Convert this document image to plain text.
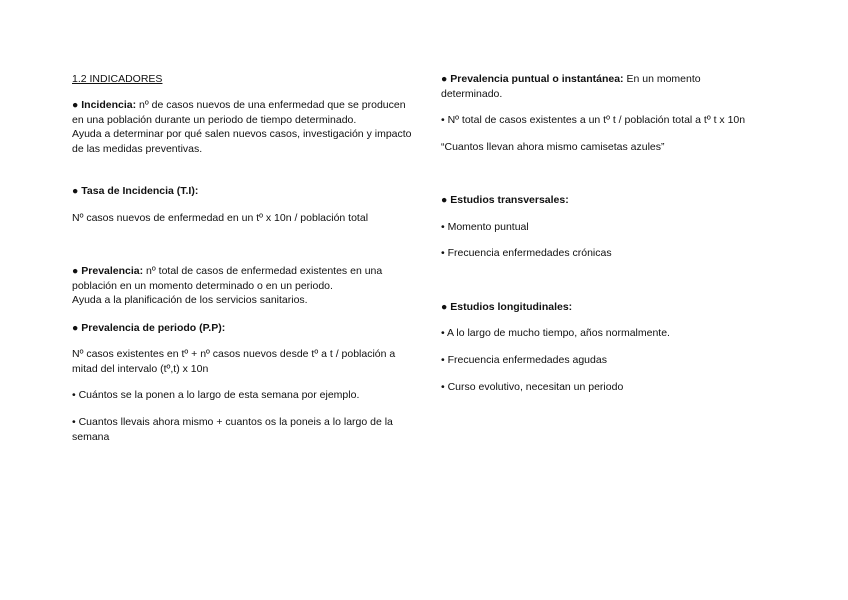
1.2 INDICADORES

● Incidencia: nº de casos nuevos de una enfermedad que se producen en una población durante un periodo de tiempo determinado.

Ayuda a determinar por qué salen nuevos casos, investigación y impacto de las medidas preventivas.

● Tasa de Incidencia (T.I):

Nº casos nuevos de enfermedad en un tº x 10n / población total

● Prevalencia: nº total de casos de enfermedad existentes en una población en un momento determinado o en un periodo.

Ayuda a la planificación de los servicios sanitarios.

● Prevalencia de periodo (P.P):

Nº casos existentes en tº + nº casos nuevos desde tº a t / población a mitad del intervalo (tº,t) x 10n

• Cuántos se la ponen a lo largo de esta semana por ejemplo.

• Cuantos llevais ahora mismo + cuantos os la poneis a lo largo de la semana

● Prevalencia puntual o instantánea: En un momento determinado.

• Nº total de casos existentes a un tº t / población total a tº t x 10n

“Cuantos llevan ahora mismo camisetas azules”

● Estudios transversales:

• Momento puntual

• Frecuencia enfermedades crónicas

● Estudios longitudinales:

• A lo largo de mucho tiempo, años normalmente.

• Frecuencia enfermedades agudas

• Curso evolutivo, necesitan un periodo
